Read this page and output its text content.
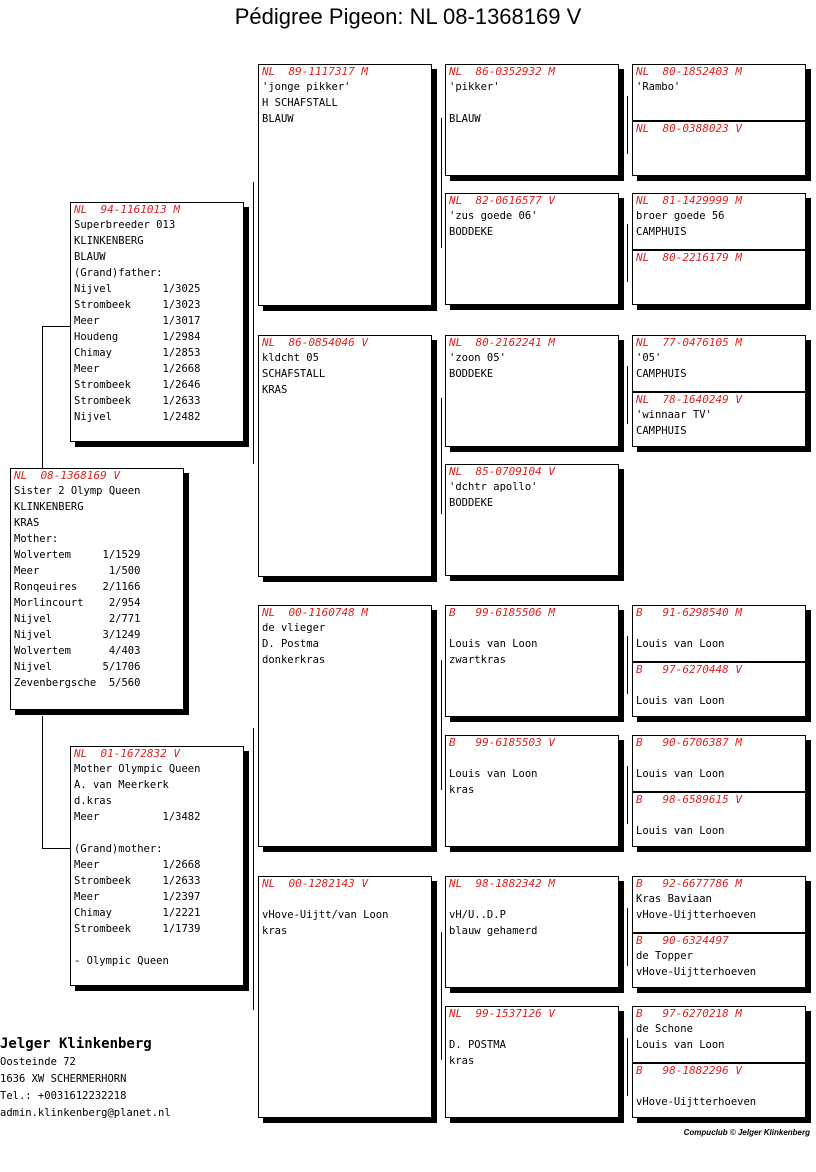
Pédigree Pigeon: NL 08-1368169 V
NL  08-1368169 V
Sister 2 Olymp Queen
KLINKENBERG
KRAS
Mother:
Wolvertem     1/1529
Meer           1/500
Ronqeuires    2/1166
Morlincourt    2/954
Nijvel         2/771
Nijvel        3/1249
Wolvertem      4/403
Nijvel        5/1706
Zevenbergsche  5/560
NL  94-1161013 M
Superbreeder 013
KLINKENBERG
BLAUW
(Grand)father:
Nijvel        1/3025
Strombeek     1/3023
Meer          1/3017
Houdeng       1/2984
Chimay        1/2853
Meer          1/2668
Strombeek     1/2646
Strombeek     1/2633
Nijvel        1/2482
NL  01-1672832 V
Mother Olympic Queen
A. van Meerkerk
d.kras
Meer          1/3482

(Grand)mother:
Meer          1/2668
Strombeek     1/2633
Meer          1/2397
Chimay        1/2221
Strombeek     1/1739

- Olympic Queen
NL  89-1117317 M
'jonge pikker'
H SCHAFSTALL
BLAUW
NL  86-0854046 V
kldcht 05
SCHAFSTALL
KRAS
NL  00-1160748 M
de vlieger
D. Postma
donkerkras
NL  00-1282143 V

vHove-Uijtt/van Loon
kras
NL  86-0352932 M
'pikker'

BLAUW
NL  82-0616577 V
'zus goede 06'
BODDEKE
NL  80-2162241 M
'zoon 05'
BODDEKE
NL  85-0709104 V
'dchtr apollo'
BODDEKE
B   99-6185506 M

Louis van Loon
zwartkras
B   99-6185503 V

Louis van Loon
kras
NL  98-1882342 M

vH/U..D.P
blauw gehamerd
NL  99-1537126 V

D. POSTMA
kras
NL  80-1852403 M
'Rambo'
NL  80-0388023 V
NL  81-1429999 M
broer goede 56
CAMPHUIS
NL  80-2216179 M
NL  77-0476105 M
'05'
CAMPHUIS
NL  78-1640249 V
'winnaar TV'
CAMPHUIS
B   91-6298540 M

Louis van Loon
B   97-6270448 V

Louis van Loon
B   90-6706387 M

Louis van Loon
B   98-6589615 V

Louis van Loon
B   92-6677786 M
Kras Baviaan
vHove-Uijtterhoeven
B   90-6324497
de Topper
vHove-Uijtterhoeven
B   97-6270218 M
de Schone
Louis van Loon
B   98-1882296 V

vHove-Uijtterhoeven
Jelger Klinkenberg
Oosteinde 72
1636 XW SCHERMERHORN
Tel.: +0031612232218
admin.klinkenberg@planet.nl
Compuclub © Jelger Klinkenberg
